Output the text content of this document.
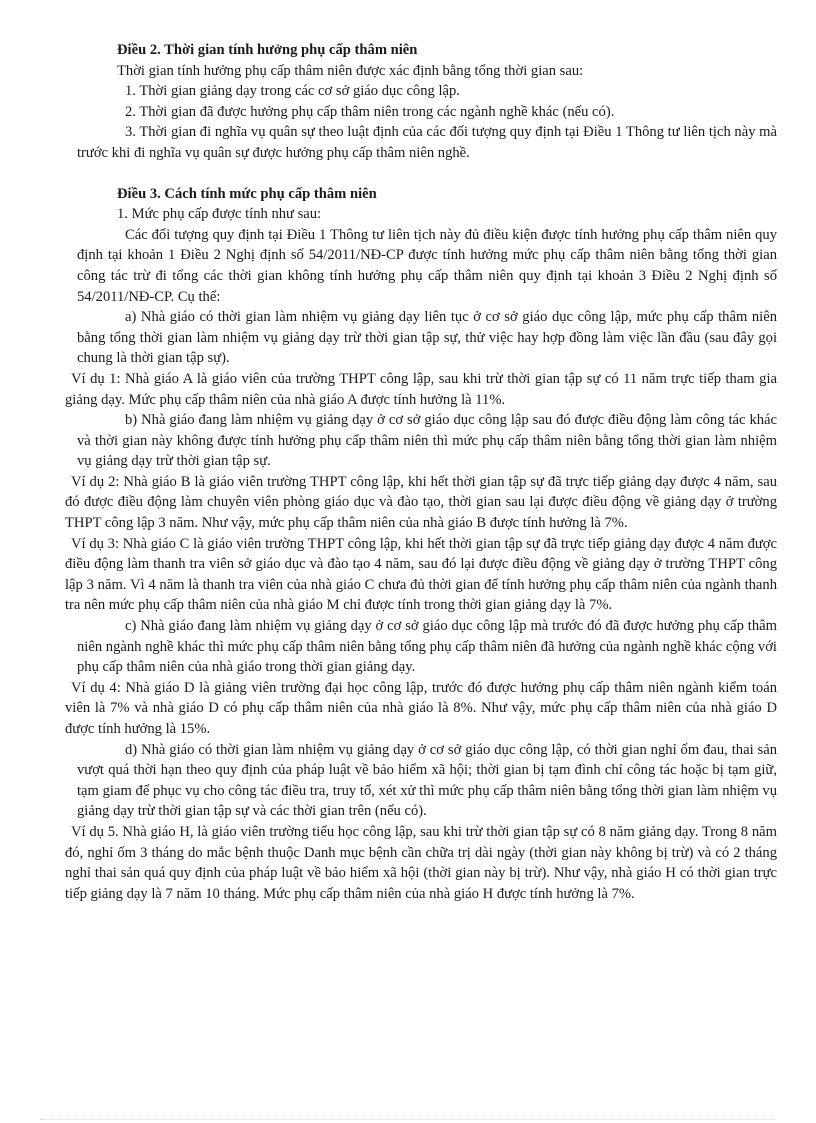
Điều 2. Thời gian tính hưởng phụ cấp thâm niên

Thời gian tính hưởng phụ cấp thâm niên được xác định bằng tổng thời gian sau:

1. Thời gian giảng dạy trong các cơ sở giáo dục công lập.

2. Thời gian đã được hưởng phụ cấp thâm niên trong các ngành nghề khác (nếu có).

3. Thời gian đi nghĩa vụ quân sự theo luật định của các đối tượng quy định tại Điều 1 Thông tư liên tịch này mà trước khi đi nghĩa vụ quân sự được hưởng phụ cấp thâm niên nghề.

Điều 3. Cách tính mức phụ cấp thâm niên

1. Mức phụ cấp được tính như sau:

Các đối tượng quy định tại Điều 1 Thông tư liên tịch này đủ điều kiện được tính hưởng phụ cấp thâm niên quy định tại khoản 1 Điều 2 Nghị định số 54/2011/NĐ-CP được tính hưởng mức phụ cấp thâm niên bằng tổng thời gian công tác trừ đi tổng các thời gian không tính hưởng phụ cấp thâm niên quy định tại khoản 3 Điều 2 Nghị định số 54/2011/NĐ-CP. Cụ thể:

a) Nhà giáo có thời gian làm nhiệm vụ giảng dạy liên tục ở cơ sở giáo dục công lập, mức phụ cấp thâm niên bằng tổng thời gian làm nhiệm vụ giảng dạy trừ thời gian tập sự, thử việc hay hợp đồng làm việc lần đầu (sau đây gọi chung là thời gian tập sự).

Ví dụ 1: Nhà giáo A là giáo viên của trường THPT công lập, sau khi trừ thời gian tập sự có 11 năm trực tiếp tham gia giảng dạy. Mức phụ cấp thâm niên của nhà giáo A được tính hưởng là 11%.

b) Nhà giáo đang làm nhiệm vụ giảng dạy ở cơ sở giáo dục công lập sau đó được điều động làm công tác khác và thời gian này không được tính hưởng phụ cấp thâm niên thì mức phụ cấp thâm niên bằng tổng thời gian làm nhiệm vụ giảng dạy trừ thời gian tập sự.

Ví dụ 2: Nhà giáo B là giáo viên trường THPT công lập, khi hết thời gian tập sự đã trực tiếp giảng dạy được 4 năm, sau đó được điều động làm chuyên viên phòng giáo dục và đào tạo, thời gian sau lại được điều động về giảng dạy ở trường THPT công lập 3 năm. Như vậy, mức phụ cấp thâm niên của nhà giáo B được tính hưởng là 7%.

Ví dụ 3: Nhà giáo C là giáo viên trường THPT công lập, khi hết thời gian tập sự đã trực tiếp giảng dạy được 4 năm được điều động làm thanh tra viên sở giáo dục và đào tạo 4 năm, sau đó lại được điều động về giảng dạy ở trường THPT công lập 3 năm. Vì 4 năm là thanh tra viên của nhà giáo C chưa đủ thời gian để tính hưởng phụ cấp thâm niên của ngành thanh tra nên mức phụ cấp thâm niên của nhà giáo M chỉ được tính trong thời gian giảng dạy là 7%.

c) Nhà giáo đang làm nhiệm vụ giảng dạy ở cơ sở giáo dục công lập mà trước đó đã được hưởng phụ cấp thâm niên ngành nghề khác thì mức phụ cấp thâm niên bằng tổng phụ cấp thâm niên đã hưởng của ngành nghề khác cộng với phụ cấp thâm niên của nhà giáo trong thời gian giảng dạy.

Ví dụ 4: Nhà giáo D là giảng viên trường đại học công lập, trước đó được hưởng phụ cấp thâm niên ngành kiểm toán viên là 7% và nhà giáo D có phụ cấp thâm niên của nhà giáo là 8%. Như vậy, mức phụ cấp thâm niên của nhà giáo D được tính hưởng là 15%.

d) Nhà giáo có thời gian làm nhiệm vụ giảng dạy ở cơ sở giáo dục công lập, có thời gian nghỉ ốm đau, thai sản vượt quá thời hạn theo quy định của pháp luật về bảo hiểm xã hội; thời gian bị tạm đình chỉ công tác hoặc bị tạm giữ, tạm giam để phục vụ cho công tác điều tra, truy tố, xét xử thì mức phụ cấp thâm niên bằng tổng thời gian làm nhiệm vụ giảng dạy trừ thời gian tập sự và các thời gian trên (nếu có).

Ví dụ 5. Nhà giáo H, là giáo viên trường tiểu học công lập, sau khi trừ thời gian tập sự có 8 năm giảng dạy. Trong 8 năm đó, nghỉ ốm 3 tháng do mắc bệnh thuộc Danh mục bệnh cần chữa trị dài ngày (thời gian này không bị trừ) và có 2 tháng nghỉ thai sản quá quy định của pháp luật về bảo hiểm xã hội (thời gian này bị trừ). Như vậy, nhà giáo H có thời gian trực tiếp giảng dạy là 7 năm 10 tháng. Mức phụ cấp thâm niên của nhà giáo H được tính hưởng là 7%.
